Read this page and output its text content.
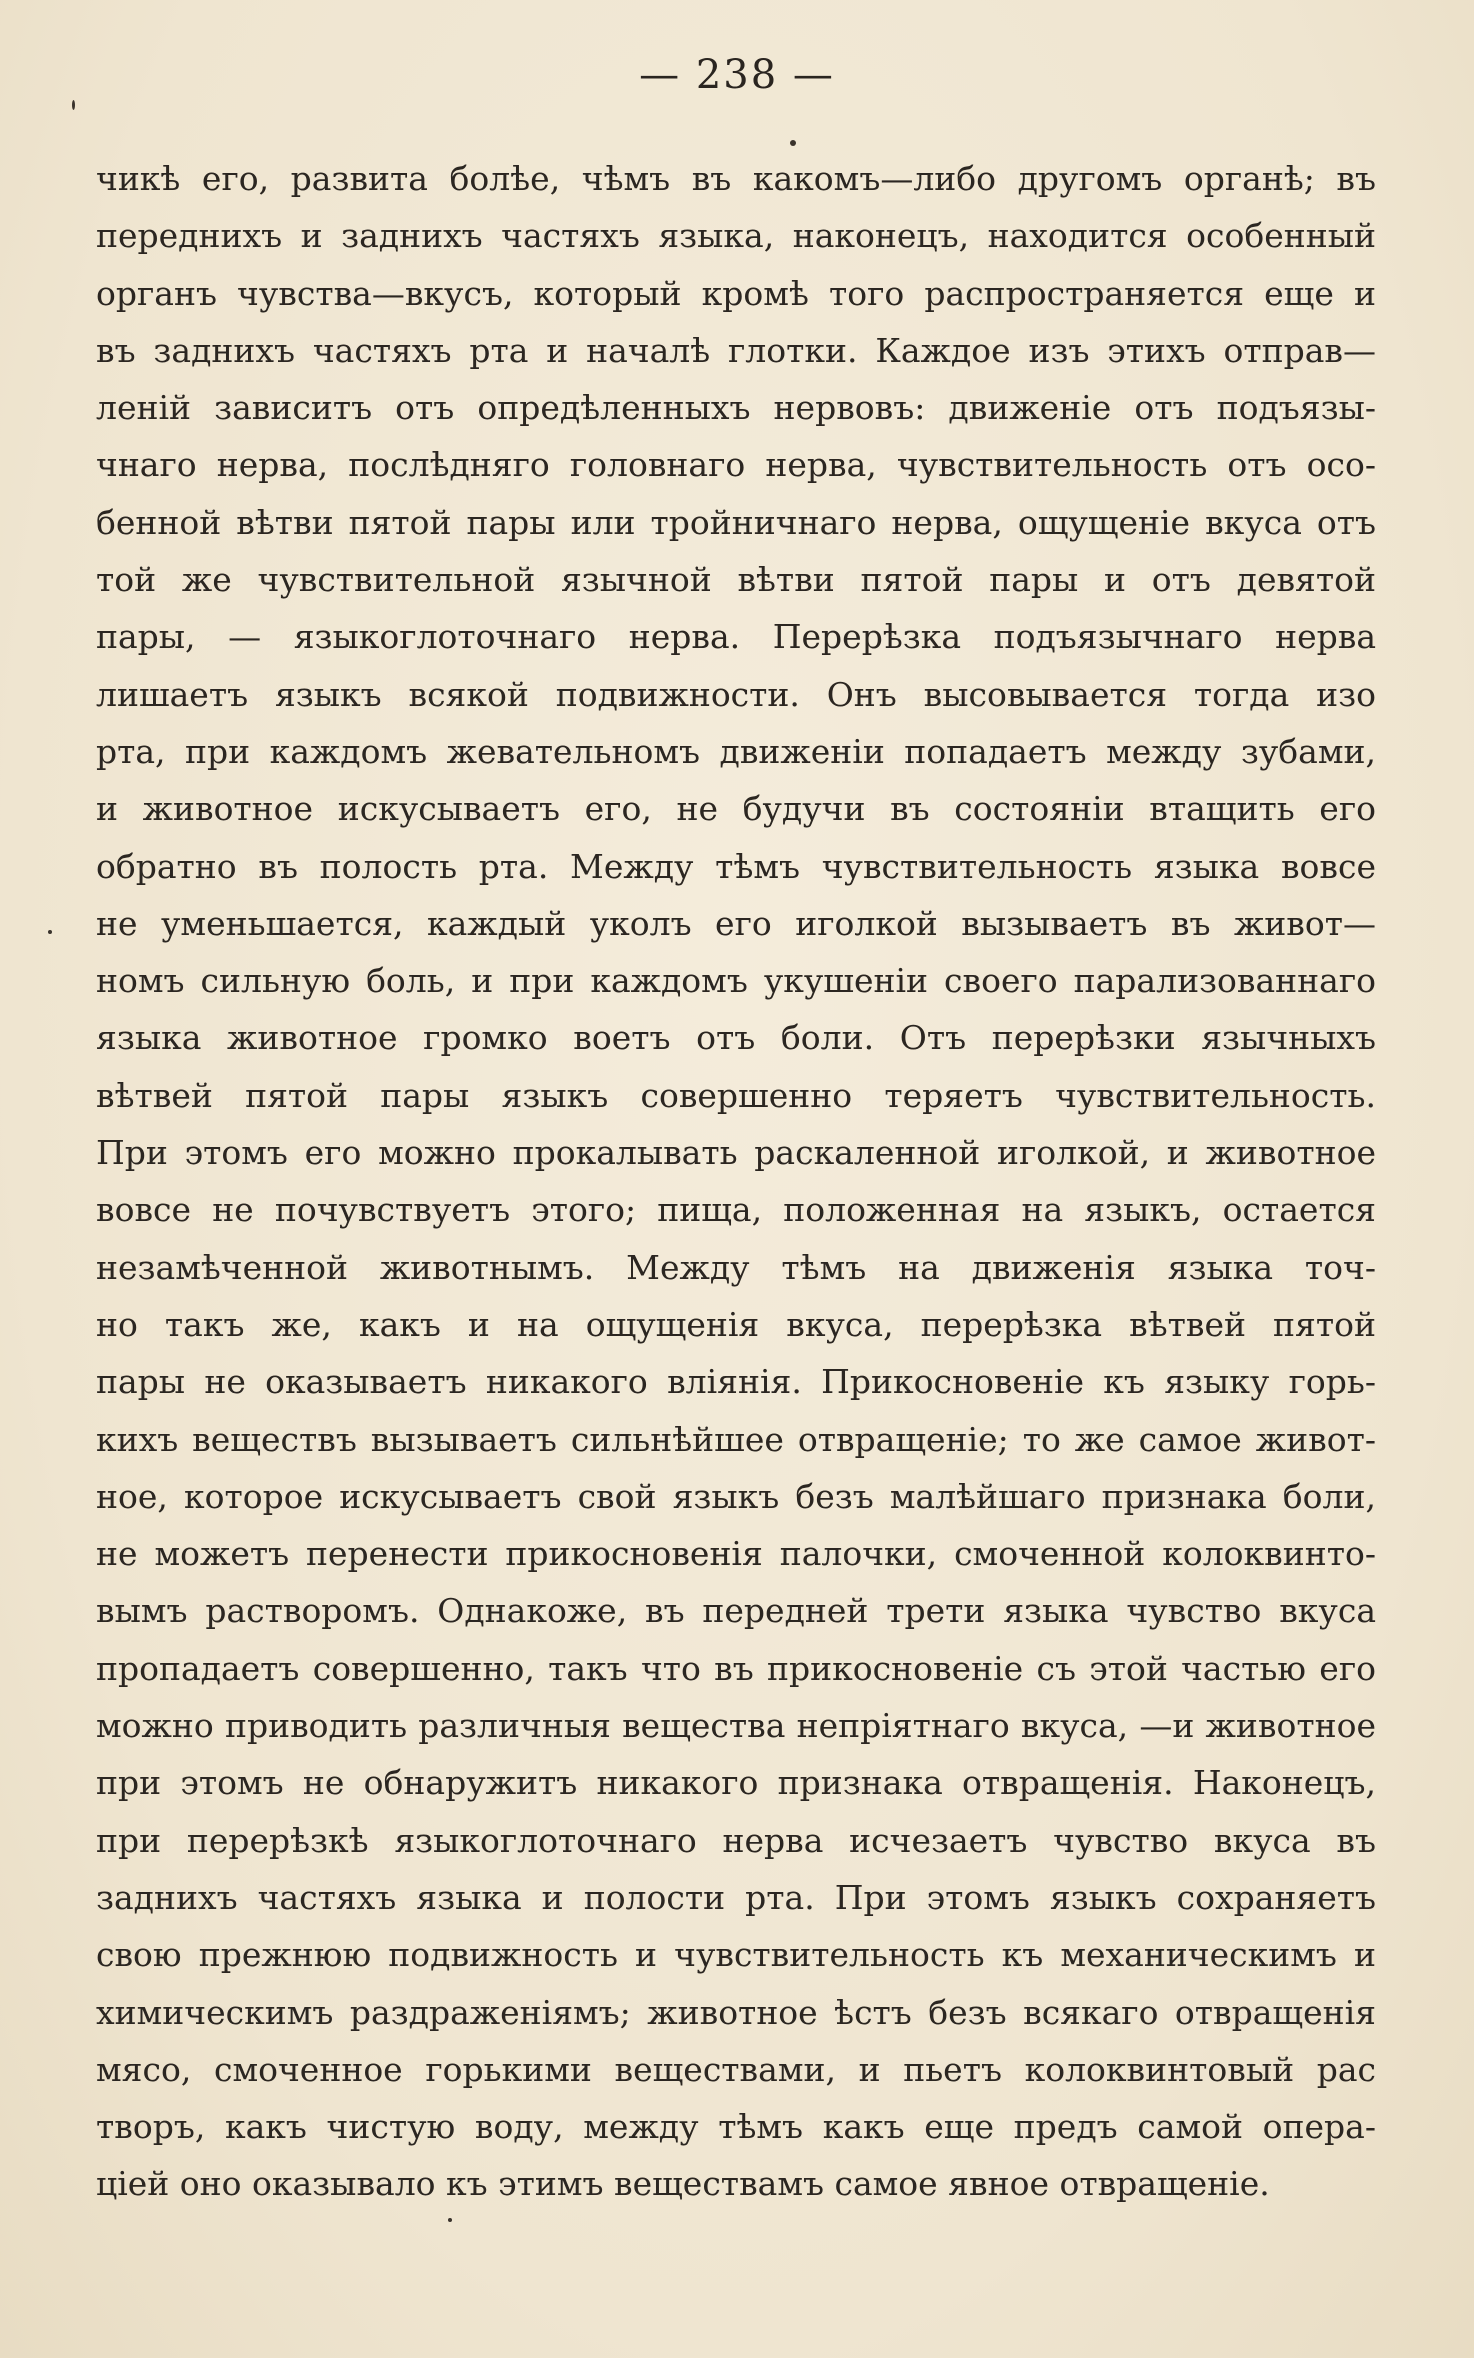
— 238 —
чикѣ его, развита болѣе, чѣмъ въ какомъ—либо другомъ органѣ; въ
переднихъ и заднихъ частяхъ языка, наконецъ, находится особенный
органъ чувства—вкусъ, который кромѣ того распространяется еще и
въ заднихъ частяхъ рта и началѣ глотки. Каждое изъ этихъ отправ—
леній зависитъ отъ опредѣленныхъ нервовъ: движеніе отъ подъязы-
чнаго нерва, послѣдняго головнаго нерва, чувствительность отъ осо-
бенной вѣтви пятой пары или тройничнаго нерва, ощущеніе вкуса отъ
той же чувствительной язычной вѣтви пятой пары и отъ девятой
пары, — языкоглоточнаго нерва. Перерѣзка подъязычнаго нерва
лишаетъ языкъ всякой подвижности. Онъ высовывается тогда изо
рта, при каждомъ жевательномъ движеніи попадаетъ между зубами,
и животное искусываетъ его, не будучи въ состояніи втащить его
обратно въ полость рта. Между тѣмъ чувствительность языка вовсе
не уменьшается, каждый уколъ его иголкой вызываетъ въ живот—
номъ сильную боль, и при каждомъ укушеніи своего парализованнаго
языка животное громко воетъ отъ боли. Отъ перерѣзки язычныхъ
вѣтвей пятой пары языкъ совершенно теряетъ чувствительность.
При этомъ его можно прокалывать раскаленной иголкой, и животное
вовсе не почувствуетъ этого; пища, положенная на языкъ, остается
незамѣченной животнымъ. Между тѣмъ на движенія языка точ-
но такъ же, какъ и на ощущенія вкуса, перерѣзка вѣтвей пятой
пары не оказываетъ никакого вліянія. Прикосновеніе къ языку горь-
кихъ веществъ вызываетъ сильнѣйшее отвращеніе; то же самое живот-
ное, которое искусываетъ свой языкъ безъ малѣйшаго признака боли,
не можетъ перенести прикосновенія палочки, смоченной колоквинто-
вымъ растворомъ. Однакоже, въ передней трети языка чувство вкуса
пропадаетъ совершенно, такъ что въ прикосновеніе съ этой частью его
можно приводить различныя вещества непріятнаго вкуса, —и животное
при этомъ не обнаружитъ никакого признака отвращенія. Наконецъ,
при перерѣзкѣ языкоглоточнаго нерва исчезаетъ чувство вкуса въ
заднихъ частяхъ языка и полости рта. При этомъ языкъ сохраняетъ
свою прежнюю подвижность и чувствительность къ механическимъ и
химическимъ раздраженіямъ; животное ѣстъ безъ всякаго отвращенія
мясо, смоченное горькими веществами, и пьетъ колоквинтовый рас
творъ, какъ чистую воду, между тѣмъ какъ еще предъ самой опера-
ціей оно оказывало къ этимъ веществамъ самое явное отвращеніе.
